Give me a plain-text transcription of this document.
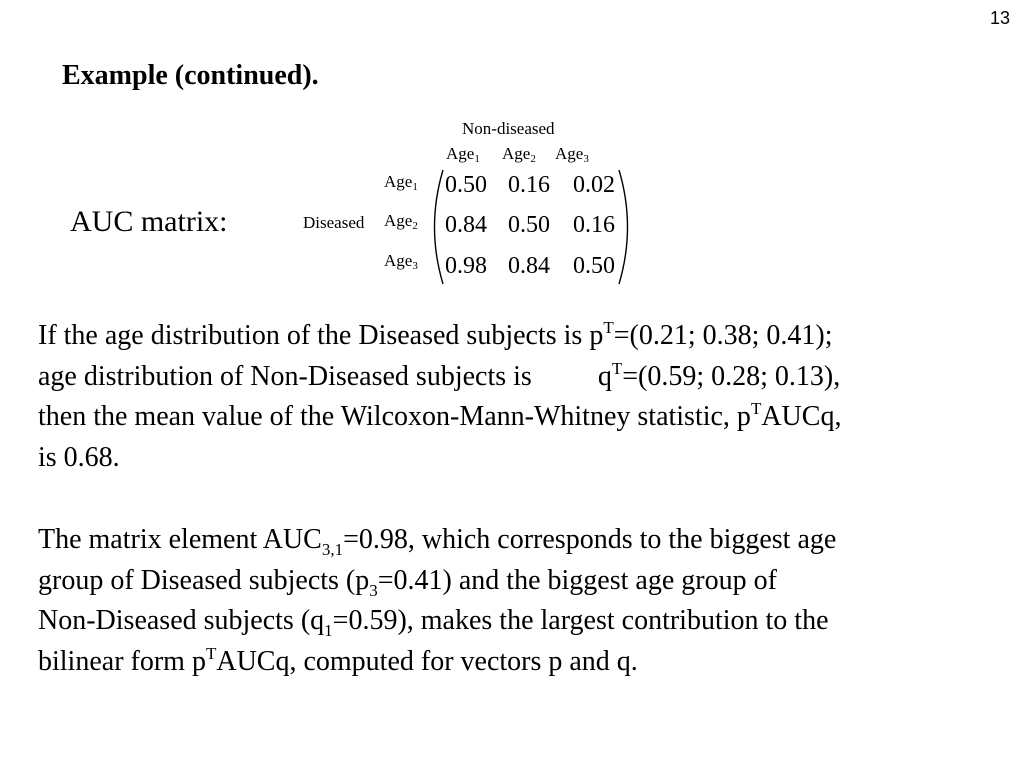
13
Example (continued).
AUC matrix:
Non-diseased
Age$_1$ Age$_2$ Age$_3$
Diseased
Age$_1$
Age$_2$
Age$_3$
0.50 0.16 0.02
0.84 0.50 0.16
0.98 0.84 0.50
If the age distribution of the Diseased subjects is $p^T=(0.21$; 0.38; 0.41);
age distribution of Non-Diseased subjects is $q^T=(0.59$; 0.28; 0.13),
then the mean value of the Wilcoxon-Mann-Whitney statistic, $p^TAUCq$,
is 0.68.
The matrix element $AUC_{3,1}=0.98$, which corresponds to the biggest age
group of Diseased subjects $(p_3=0.41)$ and the biggest age group of
Non-Diseased subjects $(q_1=0.59)$, makes the largest contribution to the
bilinear form $p^TAUCq$, computed for vectors p and q.
